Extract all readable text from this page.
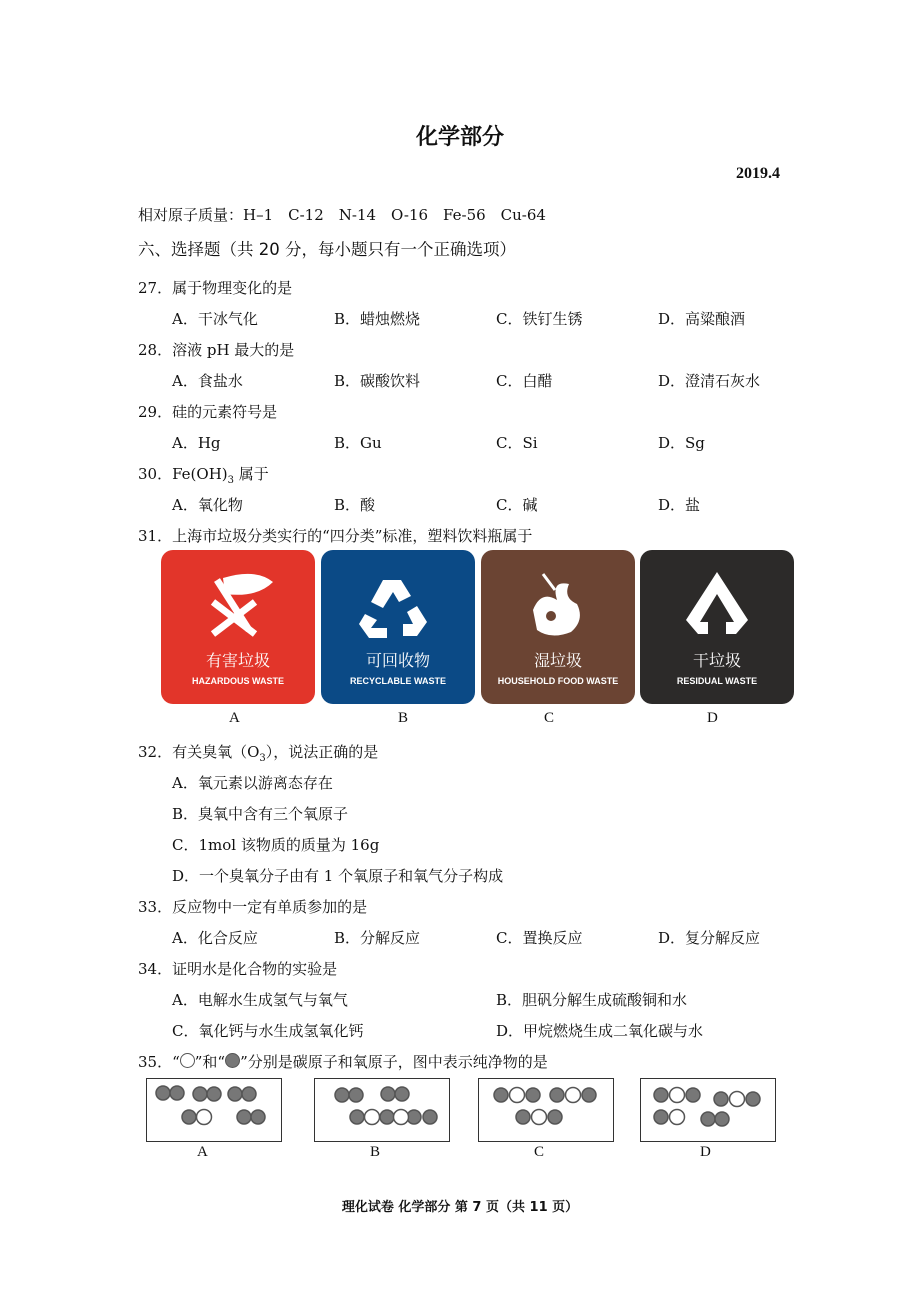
化学部分
2019.4
相对原子质量：H–1　C-12　N-14　O-16　Fe-56　Cu-64
六、选择题（共 20 分，每小题只有一个正确选项）
27．属于物理变化的是
A．干冰气化	B．蜡烛燃烧	C．铁钉生锈	D．高粱酿酒
28．溶液 pH 最大的是
A．食盐水	B．碳酸饮料	C．白醋	D．澄清石灰水
29．硅的元素符号是
A．Hg	B．Gu	C．Si	D．Sg
30．$Fe(OH)_3$ 属于
A．氧化物	B．酸	C．碱	D．盐
31．上海市垃圾分类实行的“四分类”标准，塑料饮料瓶属于
有害垃圾
HAZARDOUS WASTE
可回收物
RECYCLABLE WASTE
湿垃圾
HOUSEHOLD FOOD WASTE
干垃圾
RESIDUAL WASTE
A	B	C	D
32．有关臭氧$(O_3)$，说法正确的是
A．氧元素以游离态存在
B．臭氧中含有三个氧原子
C．1mol 该物质的质量为 16g
D．一个臭氧分子由有 1 个氧原子和氧气分子构成
33．反应物中一定有单质参加的是
A．化合反应	B．分解反应	C．置换反应	D．复分解反应
34．证明水是化合物的实验是
A．电解水生成氢气与氧气	B．胆矾分解生成硫酸铜和水
C．氧化钙与水生成氢氧化钙	D．甲烷燃烧生成二氧化碳与水
35．“ ”和“ ”分别是碳原子和氧原子，图中表示纯净物的是
A	B	C	D
理化试卷 化学部分 第 7 页（共 11 页）
